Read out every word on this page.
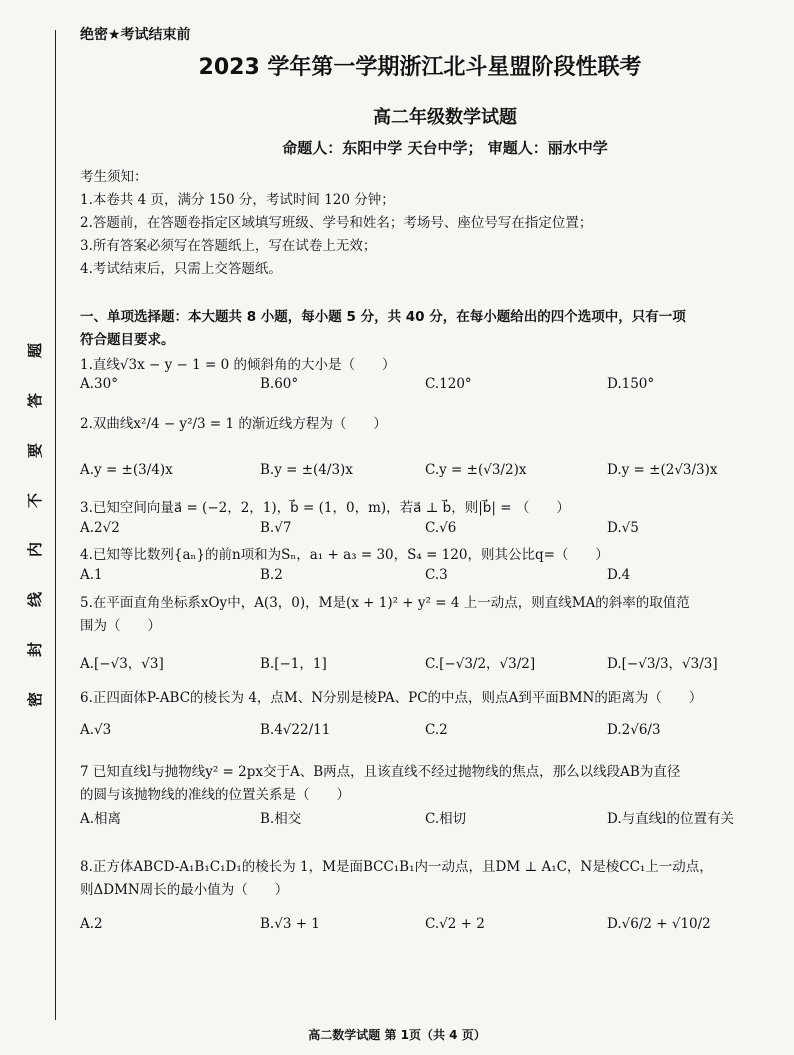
密
封
线
内
不
要
答
题
绝密★考试结束前
2023 学年第一学期浙江北斗星盟阶段性联考
高二年级数学试题
命题人：东阳中学 天台中学； 审题人：丽水中学
考生须知：
1.本卷共 4 页，满分 150 分，考试时间 120 分钟；
2.答题前，在答题卷指定区域填写班级、学号和姓名；考场号、座位号写在指定位置；
3.所有答案必须写在答题纸上，写在试卷上无效；
4.考试结束后，只需上交答题纸。
一、单项选择题：本大题共 8 小题，每小题 5 分，共 40 分，在每小题给出的四个选项中，只有一项
符合题目要求。
1.直线√3x − y − 1 = 0 的倾斜角的大小是（　　）
A.30°	B.60°	C.120°	D.150°
2.双曲线x²/4 − y²/3 = 1 的渐近线方程为（　　）
A.y = ±(3/4)x	B.y = ±(4/3)x	C.y = ±(√3/2)x	D.y = ±(2√3/3)x
3.已知空间向量a⃗ = (−2，2，1)，b⃗ = (1，0，m)，若a⃗ ⊥ b⃗，则|b⃗| = （　　）
A.2√2	B.√7	C.√6	D.√5
4.已知等比数列{aₙ}的前n项和为Sₙ，a₁ + a₃ = 30，S₄ = 120，则其公比q=（　　）
A.1	B.2	C.3	D.4
5.在平面直角坐标系xOy中，A(3，0)，M是(x + 1)² + y² = 4 上一动点，则直线MA的斜率的取值范
围为（　　）
A.[−√3，√3]	B.[−1，1]	C.[−√3/2，√3/2]	D.[−√3/3，√3/3]
6.正四面体P-ABC的棱长为 4，点M、N分别是棱PA、PC的中点，则点A到平面BMN的距离为（　　）
A.√3	B.4√22/11	C.2	D.2√6/3
7 已知直线l与抛物线y² = 2px交于A、B两点，且该直线不经过抛物线的焦点，那么以线段AB为直径
的圆与该抛物线的准线的位置关系是（　　）
A.相离	B.相交	C.相切	D.与直线l的位置有关
8.正方体ABCD-A₁B₁C₁D₁的棱长为 1，M是面BCC₁B₁内一动点，且DM ⊥ A₁C，N是棱CC₁上一动点，
则ΔDMN周长的最小值为（　　）
A.2	B.√3 + 1	C.√2 + 2	D.√6/2 + √10/2
高二数学试题 第 1页（共 4 页）
